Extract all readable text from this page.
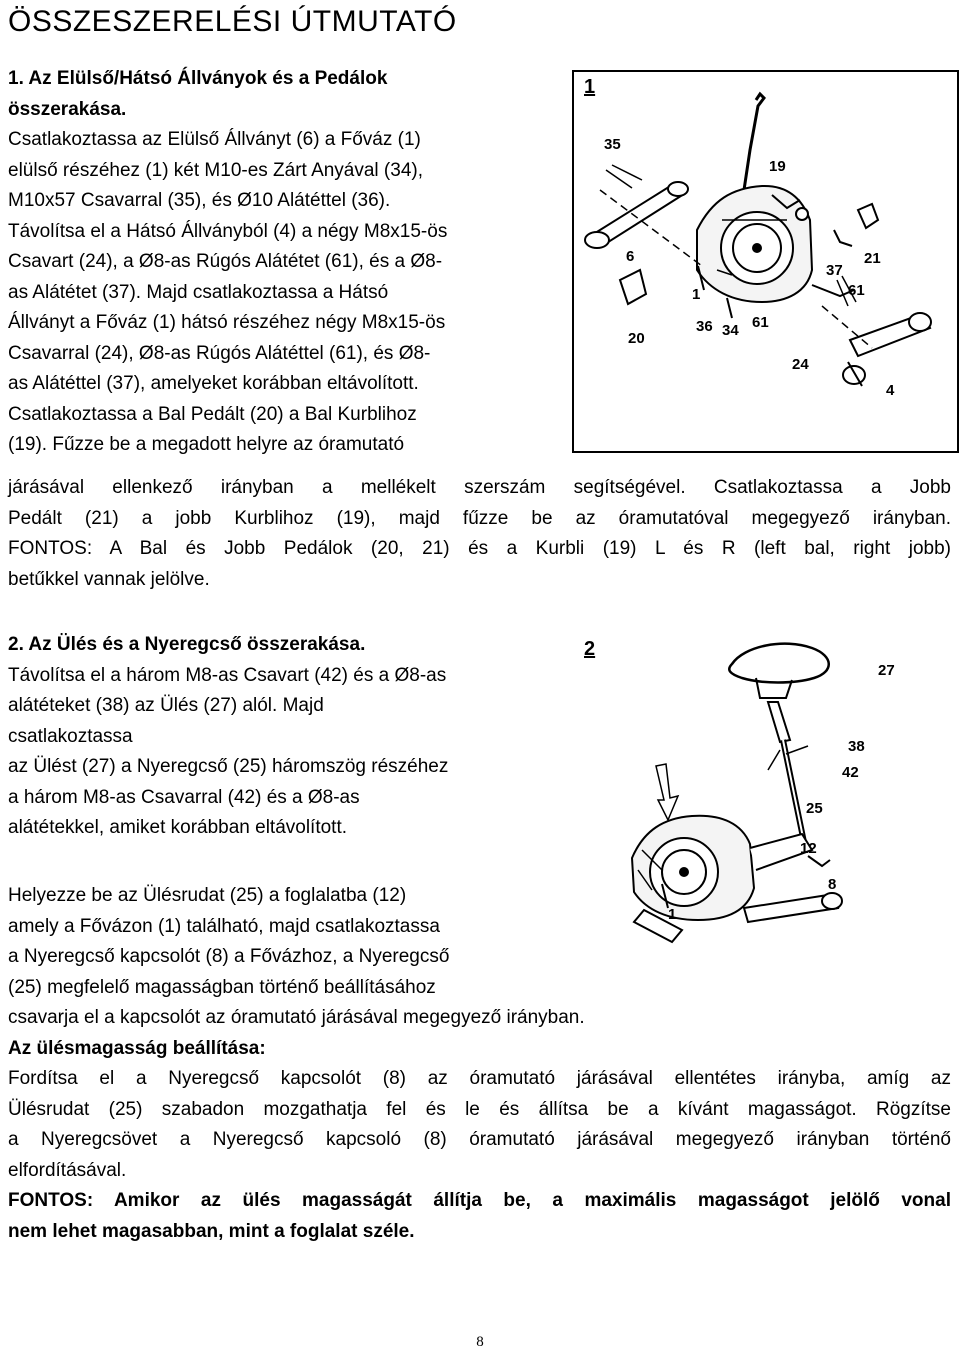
ÖSSZESZERELÉSI ÚTMUTATÓ
1. Az Elülső/Hátsó Állványok és a Pedálok
összerakása.
Csatlakoztassa az Elülső Állványt (6) a Főváz (1)
elülső részéhez (1) két M10-es Zárt Anyával (34),
M10x57 Csavarral (35), és Ø10 Alátéttel (36).
Távolítsa el a Hátsó Állványból (4) a négy M8x15-ös
Csavart (24), a Ø8-as Rúgós Alátétet (61), és a Ø8-
as Alátétet (37). Majd csatlakoztassa a Hátsó
Állványt a Főváz (1) hátsó részéhez négy M8x15-ös
Csavarral (24), Ø8-as Rúgós Alátéttel (61), és Ø8-
as Alátéttel (37), amelyeket korábban eltávolított.
Csatlakoztassa a Bal Pedált (20) a Bal Kurblihoz
(19). Fűzze be a megadott helyre az óramutató
járásával ellenkező irányban a mellékelt szerszám segítségével. Csatlakoztassa a Jobb
Pedált (21) a jobb Kurblihoz (19), majd fűzze be az óramutatóval megegyező irányban.
FONTOS: A Bal és Jobb Pedálok (20, 21) és a Kurbli (19) L és R (left bal, right jobb)
betűkkel vannak jelölve.
1
35
19
6	21
37
61
1
36 34 61
20
24
4
2. Az Ülés és a Nyeregcső összerakása.
Távolítsa el a három M8-as Csavart (42) és a Ø8-as
alátéteket (38) az Ülés (27) alól. Majd
csatlakoztassa
az Ülést (27) a Nyeregcső (25) háromszög részéhez
a három M8-as Csavarral (42) és a Ø8-as
alátétekkel, amiket korábban eltávolított.
Helyezze be az Ülésrudat (25) a foglalatba (12)
amely a Fővázon (1) található, majd csatlakoztassa
a Nyeregcső kapcsolót (8) a Fővázhoz, a Nyeregcső
(25) megfelelő magasságban történő beállításához
csavarja el a kapcsolót az óramutató járásával megegyező irányban.
Az ülésmagasság beállítása:
Fordítsa el a Nyeregcső kapcsolót (8) az óramutató járásával ellentétes irányba, amíg az
Ülésrudat (25) szabadon mozgathatja fel és le és állítsa be a kívánt magasságot. Rögzítse
a Nyeregcsövet a Nyeregcső kapcsoló (8) óramutató járásával megegyező irányban történő
elfordításával.
FONTOS: Amikor az ülés magasságát állítja be, a maximális magasságot jelölő vonal
nem lehet magasabban, mint a foglalat széle.
2
27
38
42
25
12
8
1
8
